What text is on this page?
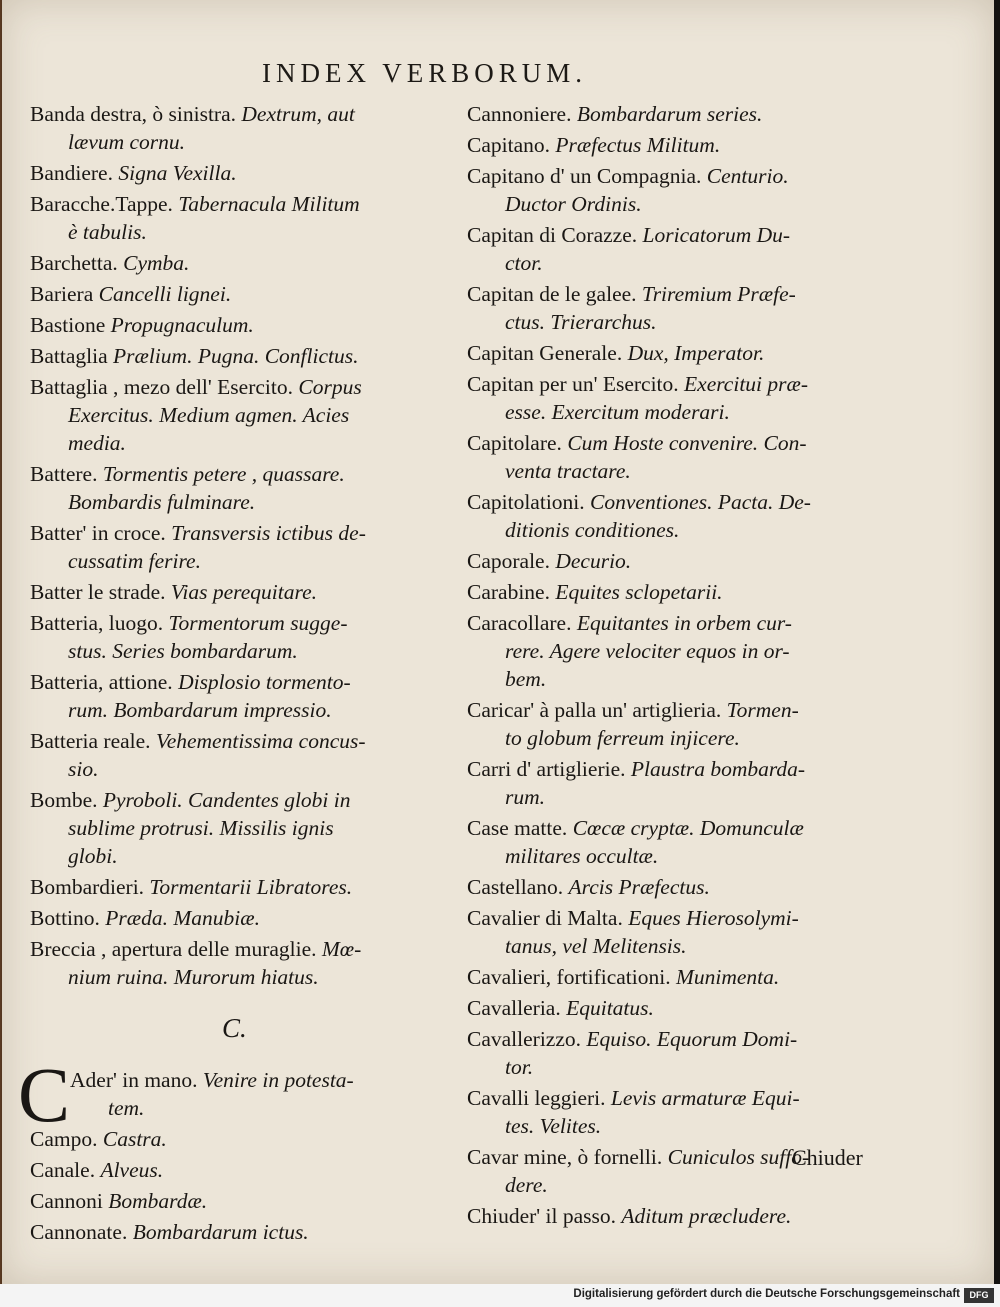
INDEX VERBORUM.
Banda destra, ò sinistra. Dextrum, aut
lævum cornu.
Bandiere. Signa Vexilla.
Baracche.Tappe. Tabernacula Militum
è tabulis.
Barchetta. Cymba.
Bariera Cancelli lignei.
Bastione Propugnaculum.
Battaglia Prælium. Pugna. Conflictus.
Battaglia , mezo dell' Esercito. Corpus
Exercitus. Medium agmen. Acies
media.
Battere. Tormentis petere , quassare.
Bombardis fulminare.
Batter' in croce. Transversis ictibus de-
cussatim ferire.
Batter le strade. Vias perequitare.
Batteria, luogo. Tormentorum sugge-
stus. Series bombardarum.
Batteria, attione. Displosio tormento-
rum. Bombardarum impressio.
Batteria reale. Vehementissima concus-
sio.
Bombe. Pyroboli. Candentes globi in
sublime protrusi. Missilis ignis
globi.
Bombardieri. Tormentarii Libratores.
Bottino. Præda. Manubiæ.
Breccia , apertura delle muraglie. Mœ-
nium ruina. Murorum hiatus.
C.
C Ader' in mano. Venire in potesta-
tem.
Campo. Castra.
Canale. Alveus.
Cannoni Bombardæ.
Cannonate. Bombardarum ictus.
Cannoniere. Bombardarum series.
Capitano. Præfectus Militum.
Capitano d' un Compagnia. Centurio.
Ductor Ordinis.
Capitan di Corazze. Loricatorum Du-
ctor.
Capitan de le galee. Triremium Præfe-
ctus. Trierarchus.
Capitan Generale. Dux, Imperator.
Capitan per un' Esercito. Exercitui præ-
esse. Exercitum moderari.
Capitolare. Cum Hoste convenire. Con-
venta tractare.
Capitolationi. Conventiones. Pacta. De-
ditionis conditiones.
Caporale. Decurio.
Carabine. Equites sclopetarii.
Caracollare. Equitantes in orbem cur-
rere. Agere velociter equos in or-
bem.
Caricar' à palla un' artiglieria. Tormen-
to globum ferreum injicere.
Carri d' artiglierie. Plaustra bombarda-
rum.
Case matte. Cœcæ cryptæ. Domunculæ
militares occultæ.
Castellano. Arcis Præfectus.
Cavalier di Malta. Eques Hierosolymi-
tanus, vel Melitensis.
Cavalieri, fortificationi. Munimenta.
Cavalleria. Equitatus.
Cavallerizzo. Equiso. Equorum Domi-
tor.
Cavalli leggieri. Levis armaturæ Equi-
tes. Velites.
Cavar mine, ò fornelli. Cuniculos suffo-
dere.
Chiuder' il passo. Aditum præcludere.
Chiuder
Digitalisierung gefördert durch die Deutsche Forschungsgemeinschaft	DFG
